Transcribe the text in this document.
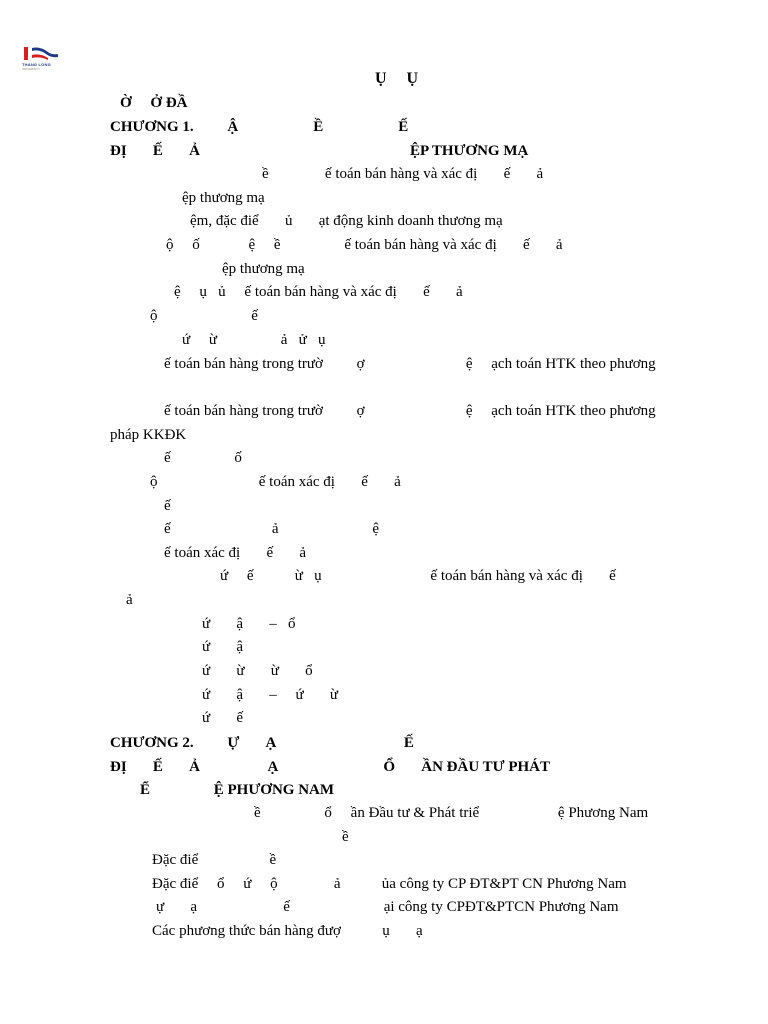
THANG LONG
UNIVERSITY
Ụ     Ụ
Ờ     Ở ĐẦ
CHƯƠNG 1.         Ậ                    Ề                    Ế
ĐỊ       Ế       Ả                                                        ỆP THƯƠNG MẠ
ề               ế toán bán hàng và xác đị       ế       ả
ệp thương mạ
ệm, đặc điể       ủ       ạt động kinh doanh thương mạ
ộ     ố             ệ     ề                 ế toán bán hàng và xác đị       ế       ả
ệp thương mạ
ệ     ụ   ủ     ế toán bán hàng và xác đị       ế       ả
ộ                         ế
ứ     ừ                 ả   ử   ụ
ế toán bán hàng trong trườ         ợ                           ệ     ạch toán HTK theo phương
ế toán bán hàng trong trườ         ợ                           ệ     ạch toán HTK theo phương
pháp KKĐK
ế                 ố
ộ                           ế toán xác đị       ế       ả
ế
ế                           ả                         ệ
ế toán xác đị       ế       ả
ứ     ế           ừ   ụ                             ế toán bán hàng và xác đị       ế
ả
ứ       ậ       –   ổ
ứ       ậ
ứ       ừ       ừ       ổ
ứ       ậ       –     ứ       ừ
ứ       ế
CHƯƠNG 2.         Ự       Ạ                                  Ế
ĐỊ       Ế       Ả                  Ạ                            Ổ       ẦN ĐẦU TƯ PHÁT
Ể                 Ệ PHƯƠNG NAM
ề                 ổ     ần Đầu tư & Phát triể                     ệ Phương Nam
ề
Đặc điể                   ề
Đặc điể     ổ     ứ     ộ               ả           ủa công ty CP ĐT&PT CN Phương Nam
ự       ạ                       ế                         ại công ty CPĐT&PTCN Phương Nam
Các phương thức bán hàng đượ           ụ       ạ
